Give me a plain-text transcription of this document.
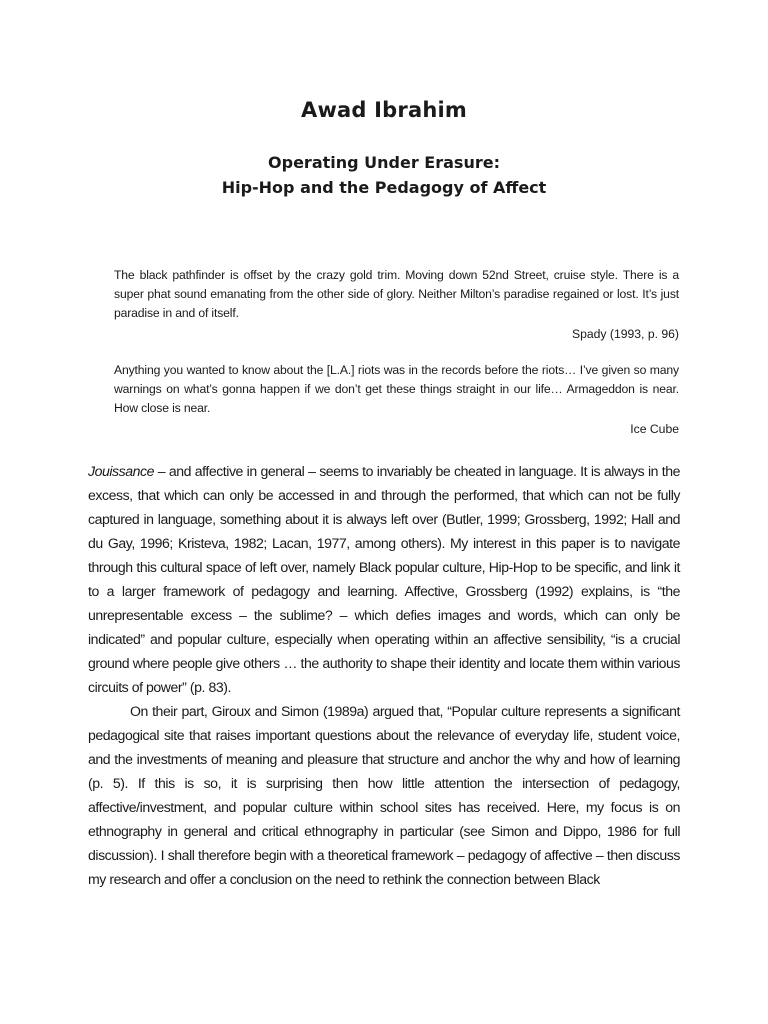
Awad Ibrahim
Operating Under Erasure:
Hip-Hop and the Pedagogy of Affect

The black pathfinder is offset by the crazy gold trim. Moving down 52nd Street, cruise style. There is a super phat sound emanating from the other side of glory. Neither Milton’s paradise regained or lost. It’s just paradise in and of itself.

Spady (1993, p. 96)

Anything you wanted to know about the [L.A.] riots was in the records before the riots… I’ve given so many warnings on what’s gonna happen if we don’t get these things straight in our life… Armageddon is near. How close is near.

Ice Cube

Jouissance – and affective in general – seems to invariably be cheated in language. It is always in the excess, that which can only be accessed in and through the performed, that which can not be fully captured in language, something about it is always left over (Butler, 1999; Grossberg, 1992; Hall and du Gay, 1996; Kristeva, 1982; Lacan, 1977, among others). My interest in this paper is to navigate through this cultural space of left over, namely Black popular culture, Hip-Hop to be specific, and link it to a larger framework of pedagogy and learning. Affective, Grossberg (1992) explains, is “the unrepresentable excess – the sublime? – which defies images and words, which can only be indicated” and popular culture, especially when operating within an affective sensibility, “is a crucial ground where people give others … the authority to shape their identity and locate them within various circuits of power” (p. 83).

On their part, Giroux and Simon (1989a) argued that, “Popular culture represents a significant pedagogical site that raises important questions about the relevance of everyday life, student voice, and the investments of meaning and pleasure that structure and anchor the why and how of learning (p. 5). If this is so, it is surprising then how little attention the intersection of pedagogy, affective/investment, and popular culture within school sites has received. Here, my focus is on ethnography in general and critical ethnography in particular (see Simon and Dippo, 1986 for full discussion). I shall therefore begin with a theoretical framework – pedagogy of affective – then discuss my research and offer a conclusion on the need to rethink the connection between Black
